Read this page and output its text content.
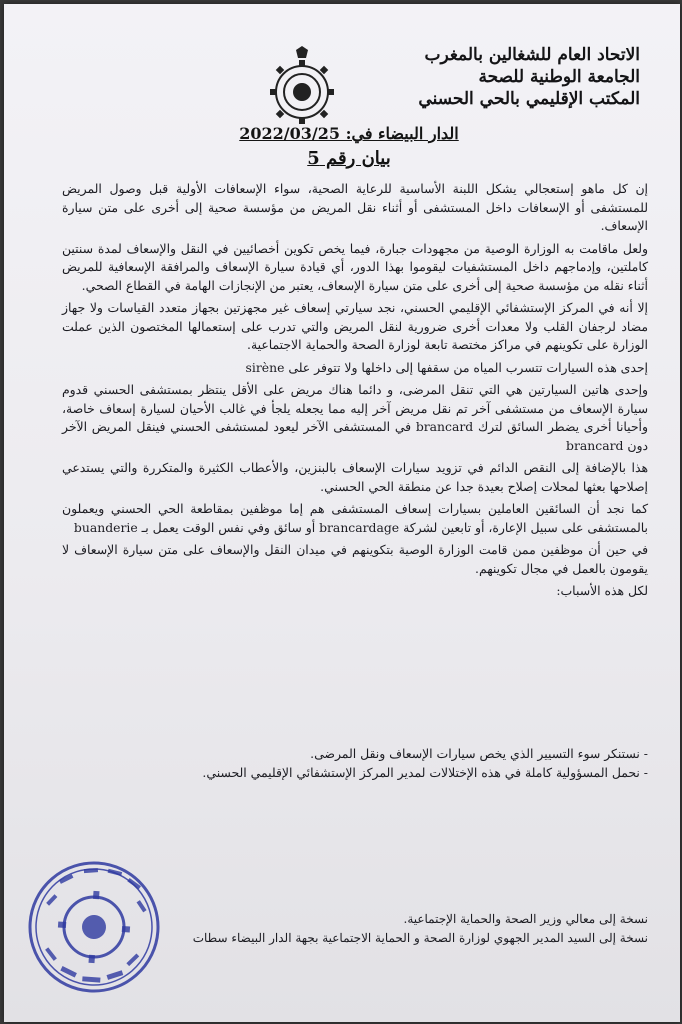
الاتحاد العام للشغالين بالمغرب
الجامعة الوطنية للصحة
المكتب الإقليمي بالحي الحسني
الدار البيضاء في: 2022/03/25
بيان رقم 5

إن كل ماهو إستعجالي يشكل اللبنة الأساسية للرعاية الصحية، سواء الإسعافات الأولية قبل وصول المريض للمستشفى أو الإسعافات داخل المستشفى أو أثناء نقل المريض من مؤسسة صحية إلى أخرى على متن سيارة الإسعاف.

ولعل ماقامت به الوزارة الوصية من مجهودات جبارة، فيما يخص تكوين أخصائيين في النقل والإسعاف لمدة سنتين كاملتين، وإدماجهم داخل المستشفيات ليقوموا بهذا الدور، أي قيادة سيارة الإسعاف والمرافقة الإسعافية للمريض أثناء نقله من مؤسسة صحية إلى أخرى على متن سيارة الإسعاف، يعتبر من الإنجازات الهامة في القطاع الصحي.

إلا أنه في المركز الإستشفائي الإقليمي الحسني، نجد سيارتي إسعاف غير مجهزتين بجهاز متعدد القياسات ولا جهاز مضاد لرجفان القلب ولا معدات أخرى ضرورية لنقل المريض والتي تدرب على إستعمالها المختصون الذين عملت الوزارة على تكوينهم في مراكز مختصة تابعة لوزارة الصحة والحماية الاجتماعية.

إحدى هذه السيارات تتسرب المياه من سقفها إلى داخلها ولا تتوفر على sirène

وإحدى هاتين السيارتين هي التي تنقل المرضى، و دائما هناك مريض على الأقل ينتظر بمستشفى الحسني قدوم سيارة الإسعاف من مستشفى آخر تم نقل مريض آخر إليه مما يجعله يلجأ في غالب الأحيان لسيارة إسعاف خاصة، وأحيانا أخرى يضطر السائق لترك brancard في المستشفى الآخر ليعود لمستشفى الحسني فينقل المريض الآخر دون brancard

هذا بالإضافة إلى النقص الدائم في تزويد سيارات الإسعاف بالبنزين، والأعطاب الكثيرة والمتكررة والتي يستدعي إصلاحها بعثها لمحلات إصلاح بعيدة جدا عن منطقة الحي الحسني.

كما نجد أن السائقين العاملين بسيارات إسعاف المستشفى هم إما موظفين بمقاطعة الحي الحسني ويعملون بالمستشفى على سبيل الإعارة، أو تابعين لشركة brancardage أو سائق وفي نفس الوقت يعمل بـ buanderie

في حين أن موظفين ممن قامت الوزارة الوصية بتكوينهم في ميدان النقل والإسعاف على متن سيارة الإسعاف لا يقومون بالعمل في مجال تكوينهم.

لكل هذه الأسباب:

- نستنكر سوء التسيير الذي يخص سيارات الإسعاف ونقل المرضى.
- نحمل المسؤولية كاملة في هذه الإختلالات لمدير المركز الإستشفائي الإقليمي الحسني.
نسخة إلى معالي وزير الصحة والحماية الإجتماعية.
نسخة إلى السيد المدير الجهوي لوزارة الصحة و الحماية الاجتماعية بجهة الدار البيضاء سطات
